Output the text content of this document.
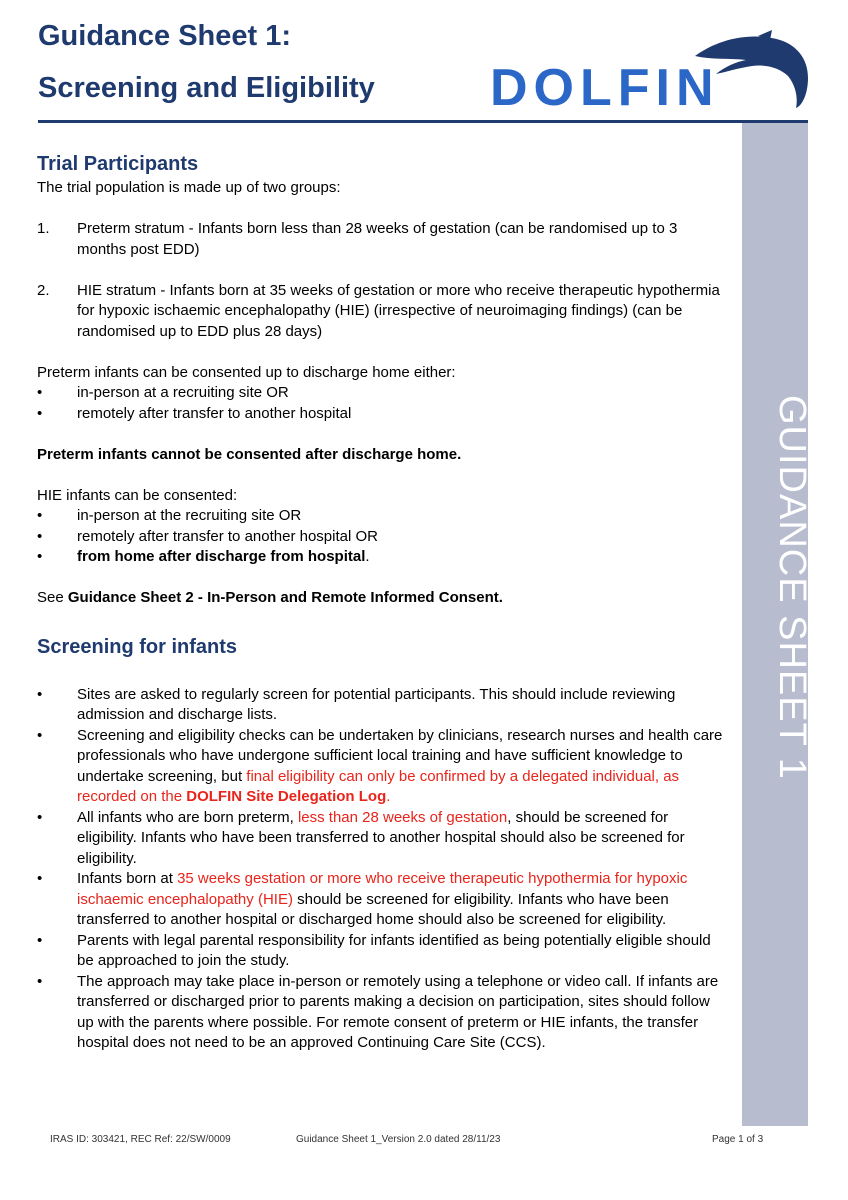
Guidance Sheet 1:
Screening and Eligibility DOLFIN
GUIDANCE SHEET 1
Trial Participants

The trial population is made up of two groups:

1.	Preterm stratum - Infants born less than 28 weeks of gestation (can be randomised up to 3 months post EDD)
2.	HIE stratum - Infants born at 35 weeks of gestation or more who receive therapeutic hypothermia for hypoxic ischaemic encephalopathy (HIE) (irrespective of neuroimaging findings) (can be randomised up to EDD plus 28 days)

Preterm infants can be consented up to discharge home either:

•	in-person at a recruiting site OR
•	remotely after transfer to another hospital

Preterm infants cannot be consented after discharge home.

HIE infants can be consented:

•	in-person at the recruiting site OR
•	remotely after transfer to another hospital OR
•	from home after discharge from hospital.

See Guidance Sheet 2 - In-Person and Remote Informed Consent.

Screening for infants
•	Sites are asked to regularly screen for potential participants. This should include reviewing admission and discharge lists.
•	Screening and eligibility checks can be undertaken by clinicians, research nurses and health care professionals who have undergone sufficient local training and have sufficient knowledge to undertake screening, but final eligibility can only be confirmed by a delegated individual, as recorded on the DOLFIN Site Delegation Log.
•	All infants who are born preterm, less than 28 weeks of gestation, should be screened for eligibility. Infants who have been transferred to another hospital should also be screened for eligibility.
•	Infants born at 35 weeks gestation or more who receive therapeutic hypothermia for hypoxic ischaemic encephalopathy (HIE) should be screened for eligibility. Infants who have been transferred to another hospital or discharged home should also be screened for eligibility.
•	Parents with legal parental responsibility for infants identified as being potentially eligible should be approached to join the study.
•	The approach may take place in-person or remotely using a telephone or video call. If infants are transferred or discharged prior to parents making a decision on participation, sites should follow up with the parents where possible. For remote consent of preterm or HIE infants, the transfer hospital does not need to be an approved Continuing Care Site (CCS).
IRAS ID: 303421, REC Ref: 22/SW/0009	Guidance Sheet 1_Version 2.0 dated 28/11/23	Page 1 of 3
